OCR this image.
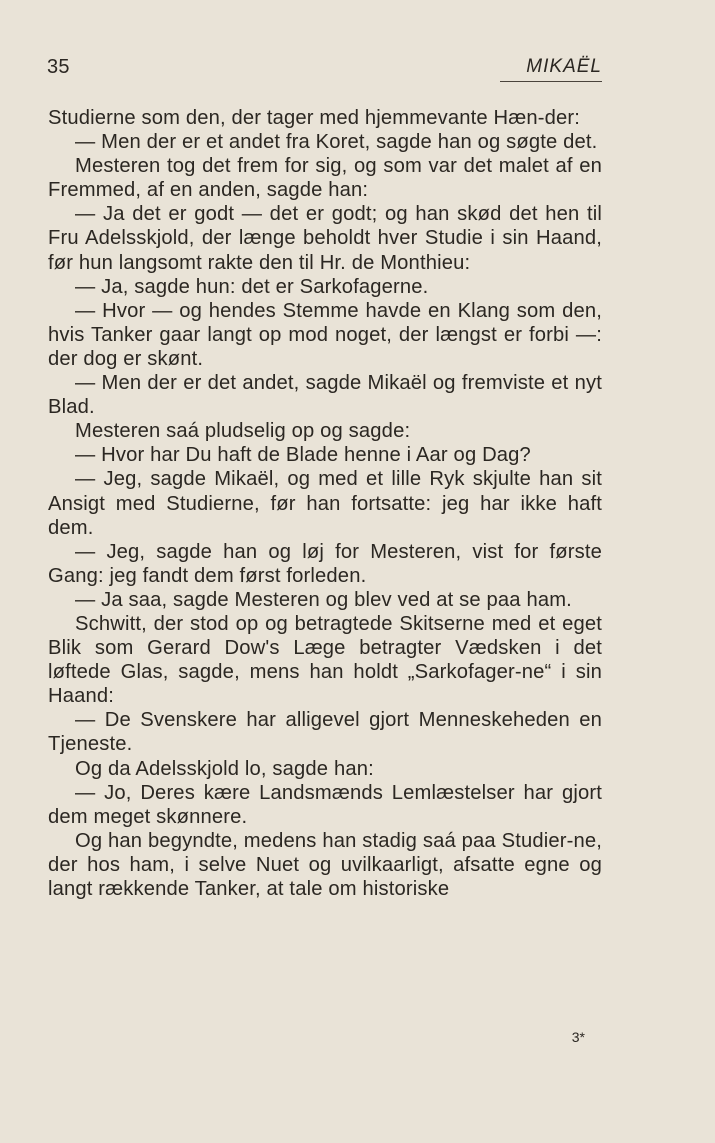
35	MIKAËL

Studierne som den, der tager med hjemmevante Hæn-der:

— Men der er et andet fra Koret, sagde han og søgte det.

Mesteren tog det frem for sig, og som var det malet af en Fremmed, af en anden, sagde han:

— Ja det er godt — det er godt; og han skød det hen til Fru Adelsskjold, der længe beholdt hver Studie i sin Haand, før hun langsomt rakte den til Hr. de Monthieu:

— Ja, sagde hun: det er Sarkofagerne.

— Hvor — og hendes Stemme havde en Klang som den, hvis Tanker gaar langt op mod noget, der længst er forbi —: der dog er skønt.

— Men der er det andet, sagde Mikaël og fremviste et nyt Blad.

Mesteren saá pludselig op og sagde:

— Hvor har Du haft de Blade henne i Aar og Dag?

— Jeg, sagde Mikaël, og med et lille Ryk skjulte han sit Ansigt med Studierne, før han fortsatte: jeg har ikke haft dem.

— Jeg, sagde han og løj for Mesteren, vist for første Gang: jeg fandt dem først forleden.

— Ja saa, sagde Mesteren og blev ved at se paa ham.

Schwitt, der stod op og betragtede Skitserne med et eget Blik som Gerard Dow's Læge betragter Vædsken i det løftede Glas, sagde, mens han holdt „Sarkofager-ne“ i sin Haand:

— De Svenskere har alligevel gjort Menneskeheden en Tjeneste.

Og da Adelsskjold lo, sagde han:

— Jo, Deres kære Landsmænds Lemlæstelser har gjort dem meget skønnere.

Og han begyndte, medens han stadig saá paa Studier-ne, der hos ham, i selve Nuet og uvilkaarligt, afsatte egne og langt rækkende Tanker, at tale om historiske

3*
